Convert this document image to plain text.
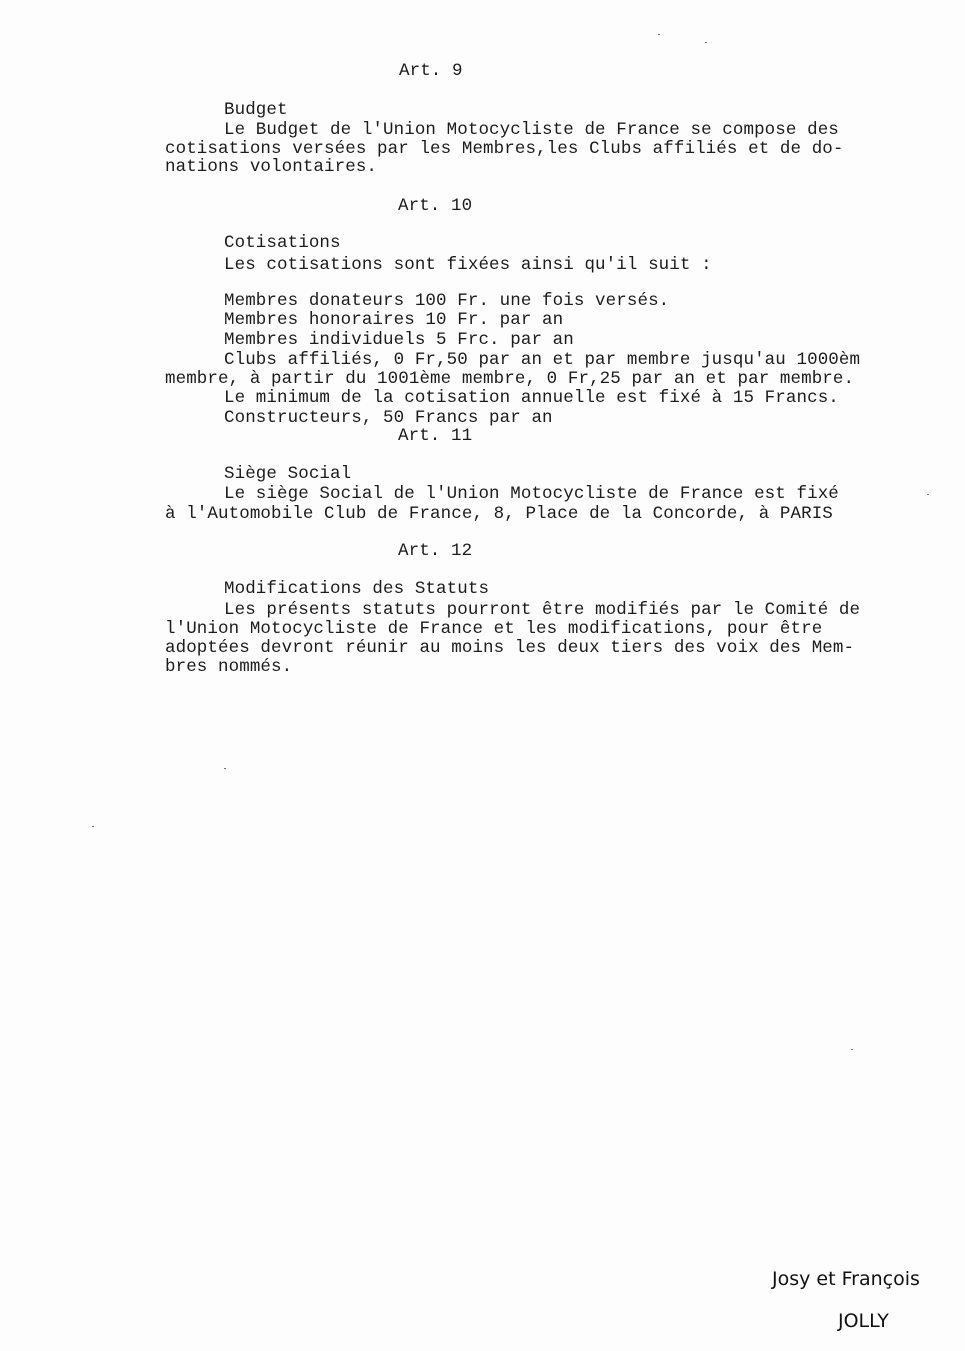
Art. 9
Budget
Le Budget de l'Union Motocycliste de France se compose des
cotisations versées par les Membres,les Clubs affiliés et de do-
nations volontaires.
Art. 10
Cotisations
Les cotisations sont fixées ainsi qu'il suit :
Membres donateurs 100 Fr. une fois versés.
Membres honoraires 10 Fr. par an
Membres individuels 5 Frc. par an
Clubs affiliés, 0 Fr,50 par an et par membre jusqu'au 1000èm
membre, à partir du 1001ème membre, 0 Fr,25 par an et par membre.
Le minimum de la cotisation annuelle est fixé à 15 Francs.
Constructeurs, 50 Francs par an
Art. 11
Siège Social
Le siège Social de l'Union Motocycliste de France est fixé
à l'Automobile Club de France, 8, Place de la Concorde, à PARIS
Art. 12
Modifications des Statuts
Les présents statuts pourront être modifiés par le Comité de
l'Union Motocycliste de France et les modifications, pour être
adoptées devront réunir au moins les deux tiers des voix des Mem-
bres nommés.
Josy et François
JOLLY
